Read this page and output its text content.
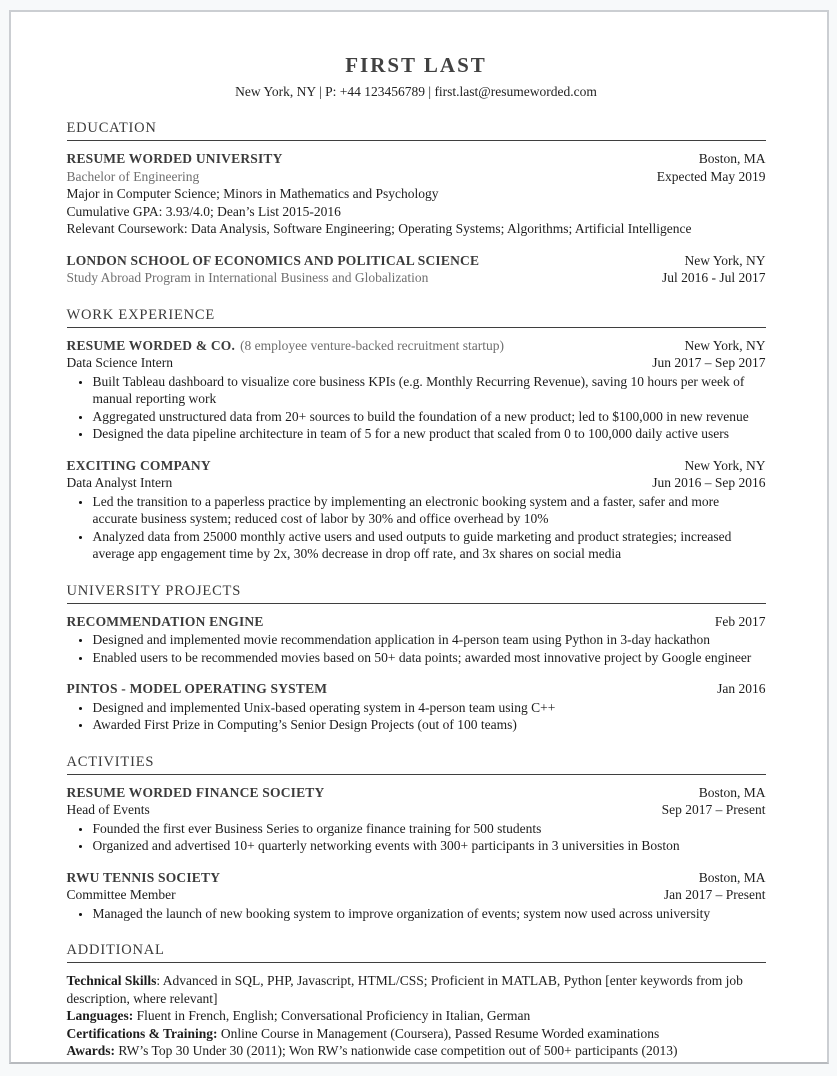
FIRST LAST
New York, NY | P: +44 123456789 | first.last@resumeworded.com
EDUCATION
RESUME WORDED UNIVERSITY	Boston, MA
Bachelor of Engineering	Expected May 2019
Major in Computer Science; Minors in Mathematics and Psychology
Cumulative GPA: 3.93/4.0; Dean’s List 2015-2016
Relevant Coursework: Data Analysis, Software Engineering; Operating Systems; Algorithms; Artificial Intelligence
LONDON SCHOOL OF ECONOMICS AND POLITICAL SCIENCE	New York, NY
Study Abroad Program in International Business and Globalization	Jul 2016 - Jul 2017
WORK EXPERIENCE
RESUME WORDED & CO. (8 employee venture-backed recruitment startup)	New York, NY
Data Science Intern	Jun 2017 – Sep 2017
• Built Tableau dashboard to visualize core business KPIs (e.g. Monthly Recurring Revenue), saving 10 hours per week of manual reporting work
• Aggregated unstructured data from 20+ sources to build the foundation of a new product; led to $100,000 in new revenue
• Designed the data pipeline architecture in team of 5 for a new product that scaled from 0 to 100,000 daily active users
EXCITING COMPANY	New York, NY
Data Analyst Intern	Jun 2016 – Sep 2016
• Led the transition to a paperless practice by implementing an electronic booking system and a faster, safer and more accurate business system; reduced cost of labor by 30% and office overhead by 10%
• Analyzed data from 25000 monthly active users and used outputs to guide marketing and product strategies; increased average app engagement time by 2x, 30% decrease in drop off rate, and 3x shares on social media
UNIVERSITY PROJECTS
RECOMMENDATION ENGINE	Feb 2017
• Designed and implemented movie recommendation application in 4-person team using Python in 3-day hackathon
• Enabled users to be recommended movies based on 50+ data points; awarded most innovative project by Google engineer
PINTOS - MODEL OPERATING SYSTEM	Jan 2016
• Designed and implemented Unix-based operating system in 4-person team using C++
• Awarded First Prize in Computing’s Senior Design Projects (out of 100 teams)
ACTIVITIES
RESUME WORDED FINANCE SOCIETY	Boston, MA
Head of Events	Sep 2017 – Present
• Founded the first ever Business Series to organize finance training for 500 students
• Organized and advertised 10+ quarterly networking events with 300+ participants in 3 universities in Boston
RWU TENNIS SOCIETY	Boston, MA
Committee Member	Jan 2017 – Present
• Managed the launch of new booking system to improve organization of events; system now used across university
ADDITIONAL
Technical Skills: Advanced in SQL, PHP, Javascript, HTML/CSS; Proficient in MATLAB, Python [enter keywords from job description, where relevant]
Languages: Fluent in French, English; Conversational Proficiency in Italian, German
Certifications & Training: Online Course in Management (Coursera), Passed Resume Worded examinations
Awards: RW’s Top 30 Under 30 (2011); Won RW’s nationwide case competition out of 500+ participants (2013)
